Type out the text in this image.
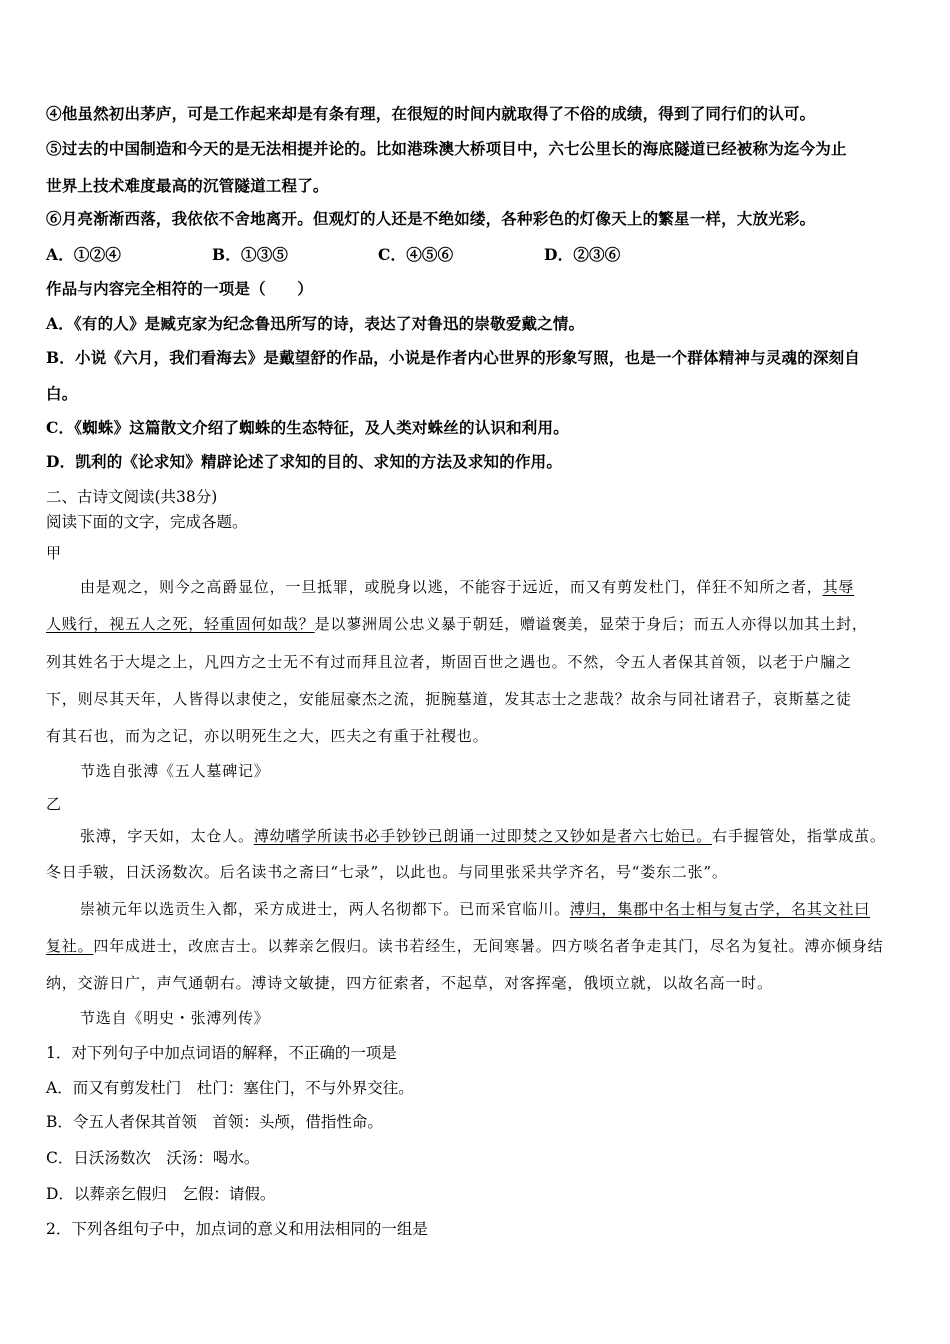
④他虽然初出茅庐，可是工作起来却是有条有理，在很短的时间内就取得了不俗的成绩，得到了同行们的认可。
⑤过去的中国制造和今天的是无法相提并论的。比如港珠澳大桥项目中，六七公里长的海底隧道已经被称为迄今为止
世界上技术难度最高的沉管隧道工程了。
⑥月亮渐渐西落，我依依不舍地离开。但观灯的人还是不绝如缕，各种彩色的灯像天上的繁星一样，大放光彩。
A．①②④	B．①③⑤	C．④⑤⑥	D．②③⑥
作品与内容完全相符的一项是（　　）
A．《有的人》是臧克家为纪念鲁迅所写的诗，表达了对鲁迅的崇敬爱戴之情。
B．小说《六月，我们看海去》是戴望舒的作品，小说是作者内心世界的形象写照，也是一个群体精神与灵魂的深刻自
白。
C．《蜘蛛》这篇散文介绍了蜘蛛的生态特征，及人类对蛛丝的认识和利用。
D．凯利的《论求知》精辟论述了求知的目的、求知的方法及求知的作用。
二、古诗文阅读(共38分)
阅读下面的文字，完成各题。
甲
由是观之，则今之高爵显位，一旦抵罪，或脱身以逃，不能容于远近，而又有剪发杜门，佯狂不知所之者，其辱
人贱行，视五人之死，轻重固何如哉？是以蓼洲周公忠义暴于朝廷，赠谥褒美，显荣于身后；而五人亦得以加其土封，
列其姓名于大堤之上，凡四方之士无不有过而拜且泣者，斯固百世之遇也。不然，令五人者保其首领，以老于户牖之
下，则尽其天年，人皆得以隶使之，安能屈豪杰之流，扼腕墓道，发其志士之悲哉？故余与同社诸君子，哀斯墓之徒
有其石也，而为之记，亦以明死生之大，匹夫之有重于社稷也。
节选自张溥《五人墓碑记》
乙
张溥，字天如，太仓人。溥幼嗜学所读书必手钞钞已朗诵一过即焚之又钞如是者六七始已。右手握管处，指掌成茧。
冬日手皲，日沃汤数次。后名读书之斋曰“七录”，以此也。与同里张采共学齐名，号“娄东二张”。
崇祯元年以选贡生入都，采方成进士，两人名彻都下。已而采官临川。溥归，集郡中名士相与复古学，名其文社曰
复社。四年成进士，改庶吉士。以葬亲乞假归。读书若经生，无间寒暑。四方啖名者争走其门，尽名为复社。溥亦倾身结
纳，交游日广，声气通朝右。溥诗文敏捷，四方征索者，不起草，对客挥毫，俄顷立就，以故名高一时。
节选自《明史・张溥列传》
1．对下列句子中加点词语的解释，不正确的一项是
A．而又有剪发杜门　杜门：塞住门，不与外界交往。
B．令五人者保其首领　首领：头颅，借指性命。
C．日沃汤数次　沃汤：喝水。
D．以葬亲乞假归　乞假：请假。
2．下列各组句子中，加点词的意义和用法相同的一组是
